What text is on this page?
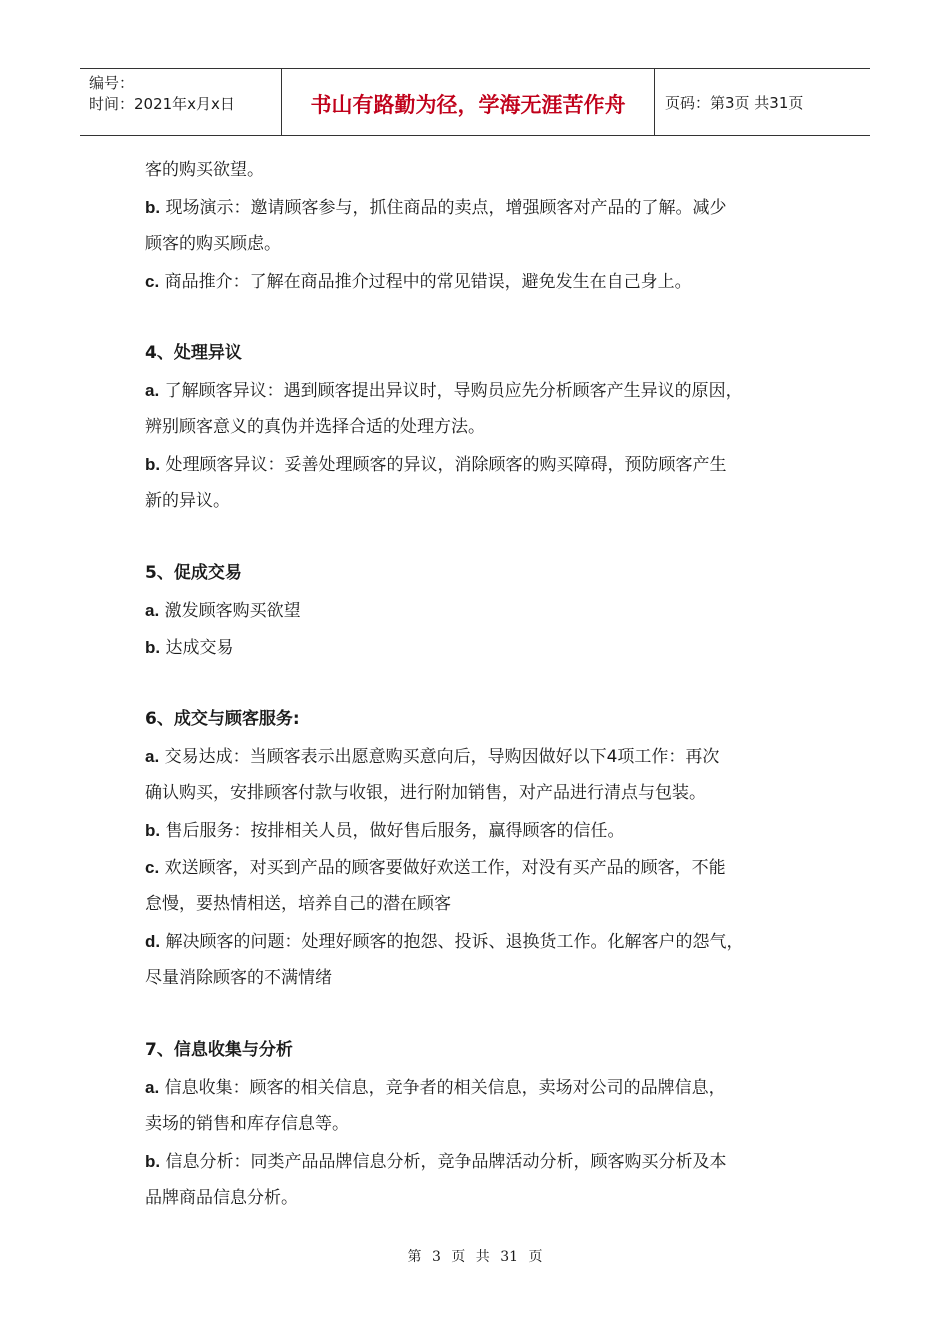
编号：
时间：2021年x月x日	书山有路勤为径，学海无涯苦作舟	页码：第3页 共31页
客的购买欲望。
b. 现场演示：邀请顾客参与，抓住商品的卖点，增强顾客对产品的了解。减少
顾客的购买顾虑。
c. 商品推介：了解在商品推介过程中的常见错误，避免发生在自己身上。
4、处理异议
a. 了解顾客异议：遇到顾客提出异议时，导购员应先分析顾客产生异议的原因，
辨别顾客意义的真伪并选择合适的处理方法。
b. 处理顾客异议：妥善处理顾客的异议，消除顾客的购买障碍，预防顾客产生
新的异议。
5、促成交易
a. 激发顾客购买欲望
b. 达成交易
6、成交与顾客服务:
a. 交易达成：当顾客表示出愿意购买意向后，导购因做好以下4项工作：再次
确认购买，安排顾客付款与收银，进行附加销售，对产品进行清点与包装。
b. 售后服务：按排相关人员，做好售后服务，赢得顾客的信任。
c. 欢送顾客，对买到产品的顾客要做好欢送工作，对没有买产品的顾客，不能
怠慢，要热情相送，培养自己的潜在顾客
d. 解决顾客的问题：处理好顾客的抱怨、投诉、退换货工作。化解客户的怨气，
尽量消除顾客的不满情绪
7、信息收集与分析
a. 信息收集：顾客的相关信息，竞争者的相关信息，卖场对公司的品牌信息，
卖场的销售和库存信息等。
b. 信息分析：同类产品品牌信息分析，竞争品牌活动分析，顾客购买分析及本
品牌商品信息分析。
第 3 页 共 31 页
